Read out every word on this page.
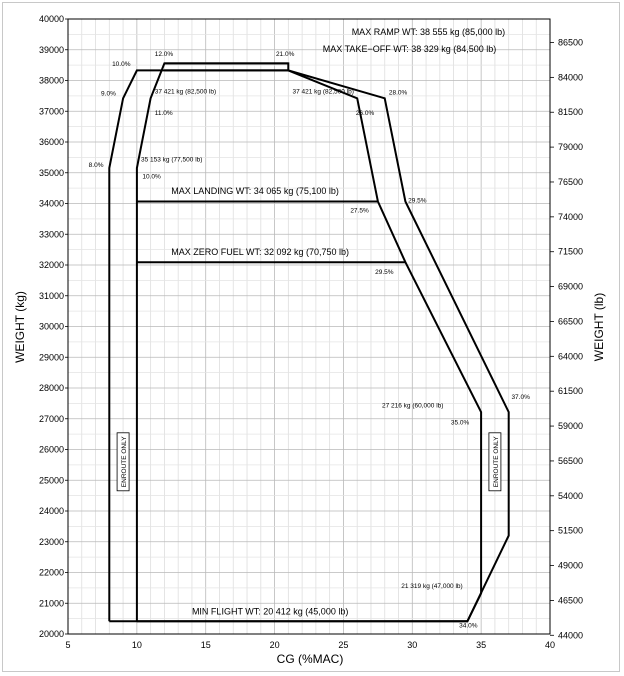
5	10	15	20	25	30	35	40
20000
21000
22000
23000
24000
25000
26000
27000
28000
29000
30000
31000
32000
33000
34000
35000
36000
37000
38000
39000
40000
44000
46500
49000
51500
54000
56500
59000
61500
64000
66500
69000
71500
74000
76500
79000
81500
84000
86500
MAX RAMP WT: 38 555 kg (85,000 lb)
MAX TAKE−OFF WT: 38 329 kg (84,500 lb)
MAX LANDING WT: 34 065 kg (75,100 lb)
MAX ZERO FUEL WT: 32 092 kg (70,750 lb)
MIN FLIGHT WT: 20 412 kg (45,000 lb)
37 421 kg (82,500 lb)
11.0%
37 421 kg (82,500 lb)
26.0%
35 153 kg (77,500 lb)
10.0%
27 216 kg (60,000 lb)
35.0%
21 319 kg (47,000 lb)
12.0%	21.0%
10.0%
9.0%	28.0%
8.0%
27.5%
29.5%
29.5%
37.0%
34.0%
ENROUTE ONLY	ENROUTE ONLY
CG (%MAC)
WEIGHT (kg)	WEIGHT (lb)
